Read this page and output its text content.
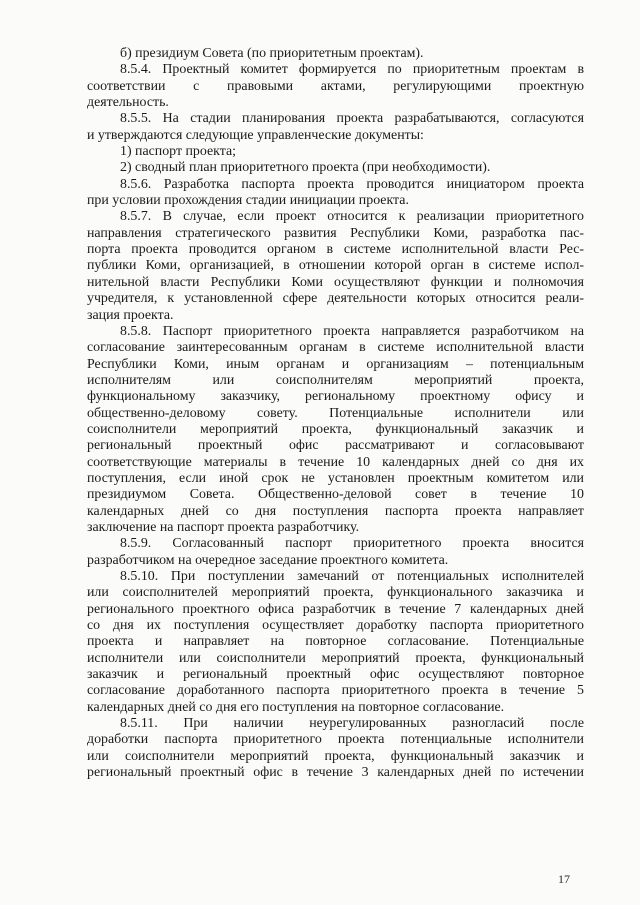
б) президиум Совета (по приоритетным проектам).
8.5.4. Проектный комитет формируется по приоритетным проектам в
соответствии с правовыми актами, регулирующими проектную
деятельность.
8.5.5. На стадии планирования проекта разрабатываются, согласуются
и утверждаются следующие управленческие документы:
1) паспорт проекта;
2) сводный план приоритетного проекта (при необходимости).
8.5.6. Разработка паспорта проекта проводится инициатором проекта
при условии прохождения стадии инициации проекта.
8.5.7. В случае, если проект относится к реализации приоритетного
направления стратегического развития Республики Коми, разработка пас-
порта проекта проводится органом в системе исполнительной власти Рес-
публики Коми, организацией, в отношении которой орган в системе испол-
нительной власти Республики Коми осуществляют функции и полномочия
учредителя, к установленной сфере деятельности которых относится реали-
зация проекта.
8.5.8. Паспорт приоритетного проекта направляется разработчиком на
согласование заинтересованным органам в системе исполнительной власти
Республики Коми, иным органам и организациям – потенциальным
исполнителям или соисполнителям мероприятий проекта,
функциональному заказчику, региональному проектному офису и
общественно-деловому совету. Потенциальные исполнители или
соисполнители мероприятий проекта, функциональный заказчик и
региональный проектный офис рассматривают и согласовывают
соответствующие материалы в течение 10 календарных дней со дня их
поступления, если иной срок не установлен проектным комитетом или
президиумом Совета. Общественно-деловой совет в течение 10
календарных дней со дня поступления паспорта проекта направляет
заключение на паспорт проекта разработчику.
8.5.9. Согласованный паспорт приоритетного проекта вносится
разработчиком на очередное заседание проектного комитета.
8.5.10. При поступлении замечаний от потенциальных исполнителей
или соисполнителей мероприятий проекта, функционального заказчика и
регионального проектного офиса разработчик в течение 7 календарных дней
со дня их поступления осуществляет доработку паспорта приоритетного
проекта и направляет на повторное согласование. Потенциальные
исполнители или соисполнители мероприятий проекта, функциональный
заказчик и региональный проектный офис осуществляют повторное
согласование доработанного паспорта приоритетного проекта в течение 5
календарных дней со дня его поступления на повторное согласование.
8.5.11. При наличии неурегулированных разногласий после
доработки паспорта приоритетного проекта потенциальные исполнители
или соисполнители мероприятий проекта, функциональный заказчик и
региональный проектный офис в течение 3 календарных дней по истечении
17
